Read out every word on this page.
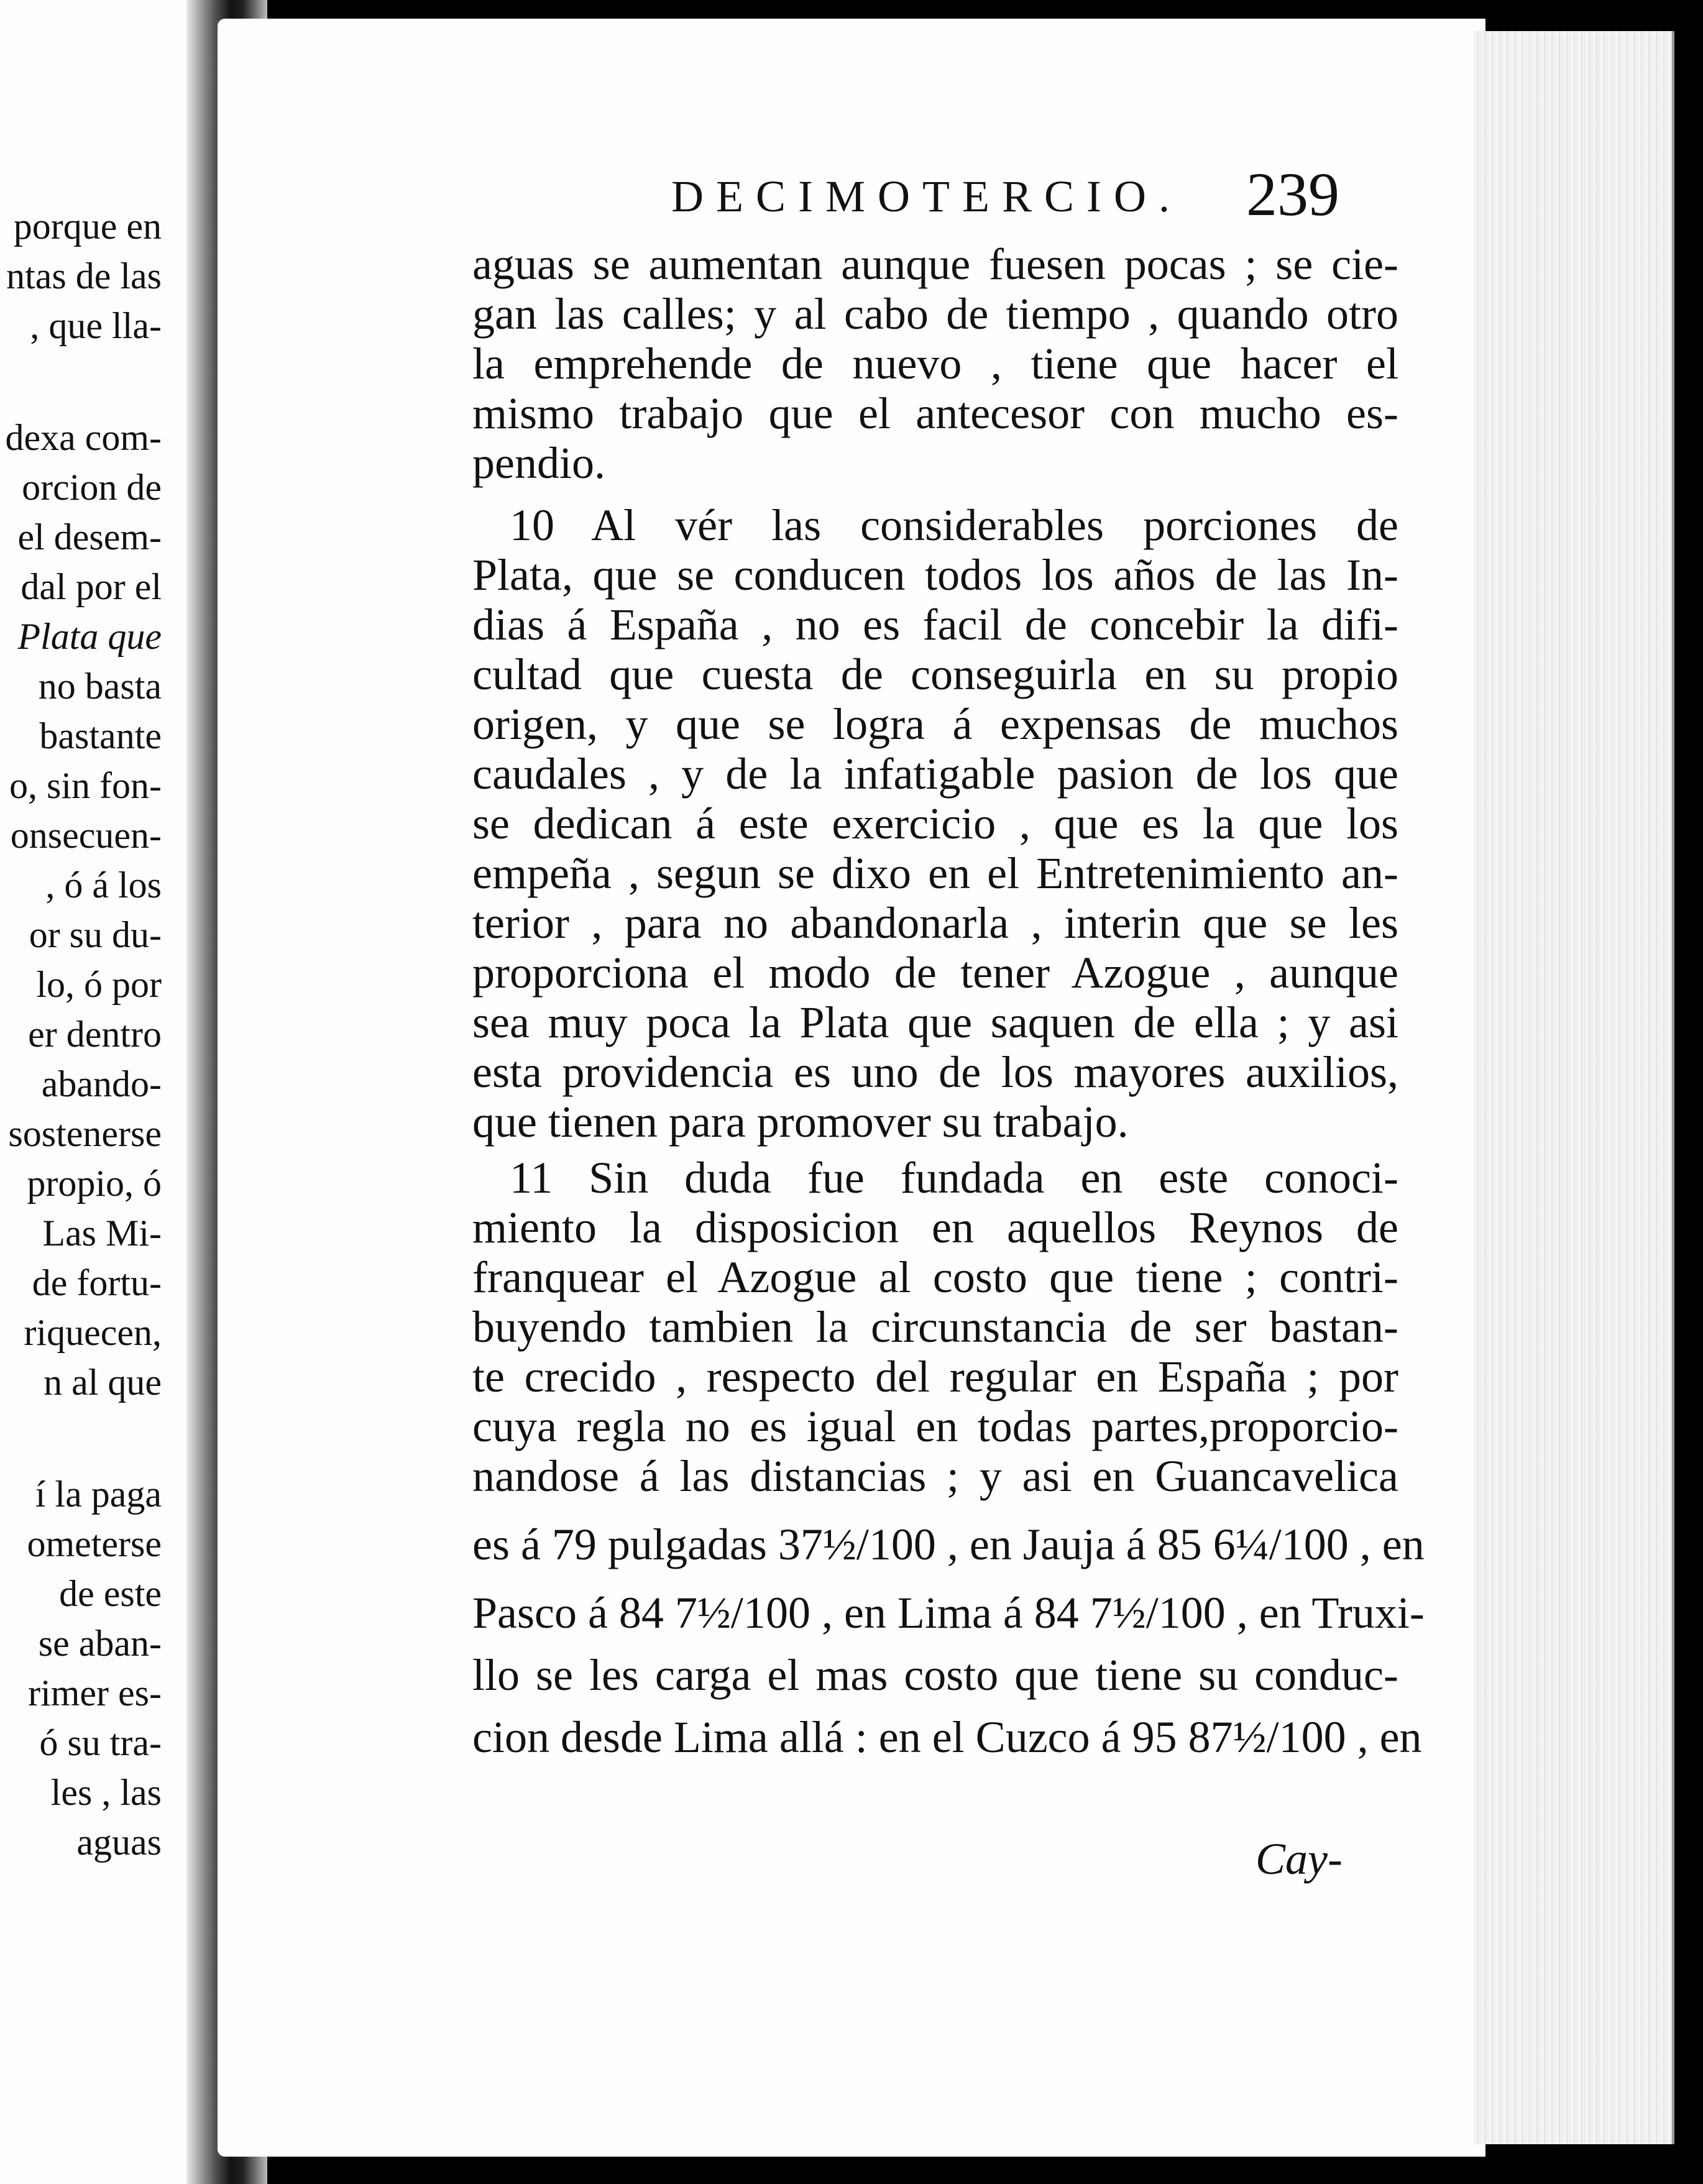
porque en
ntas de las
, que lla-
dexa com-
orcion de
el desem-
dal por el
Plata que
no basta
bastante
o, sin fon-
onsecuen-
, ó á los
or su du-
lo, ó por
er dentro
abando-
sostenerse
propio, ó
Las Mi-
de fortu-
riquecen,
n al que
í la paga
ometerse
de este
se aban-
rimer es-
ó su tra-
les , las
aguas
DECIMOTERCIO. 239
aguas se aumentan aunque fuesen pocas ; se cie-
gan las calles; y al cabo de tiempo , quando otro
la emprehende de nuevo , tiene que hacer el
mismo trabajo que el antecesor con mucho es-
pendio.
10 Al vér las considerables porciones de
Plata, que se conducen todos los años de las In-
dias á España , no es facil de concebir la difi-
cultad que cuesta de conseguirla en su propio
origen, y que se logra á expensas de muchos
caudales , y de la infatigable pasion de los que
se dedican á este exercicio , que es la que los
empeña , segun se dixo en el Entretenimiento an-
terior , para no abandonarla , interin que se les
proporciona el modo de tener Azogue , aunque
sea muy poca la Plata que saquen de ella ; y asi
esta providencia es uno de los mayores auxilios,
que tienen para promover su trabajo.
11 Sin duda fue fundada en este conoci-
miento la disposicion en aquellos Reynos de
franquear el Azogue al costo que tiene ; contri-
buyendo tambien la circunstancia de ser bastan-
te crecido , respecto del regular en España ; por
cuya regla no es igual en todas partes,proporcio-
nandose á las distancias ; y asi en Guancavelica
es á 79 pulgadas 37½/100 , en Jauja á 85 6¼/100 , en
Pasco á 84 7½/100 , en Lima á 84 7½/100 , en Truxi-
llo se les carga el mas costo que tiene su conduc-
cion desde Lima allá : en el Cuzco á 95 87½/100 , en
Cay-
